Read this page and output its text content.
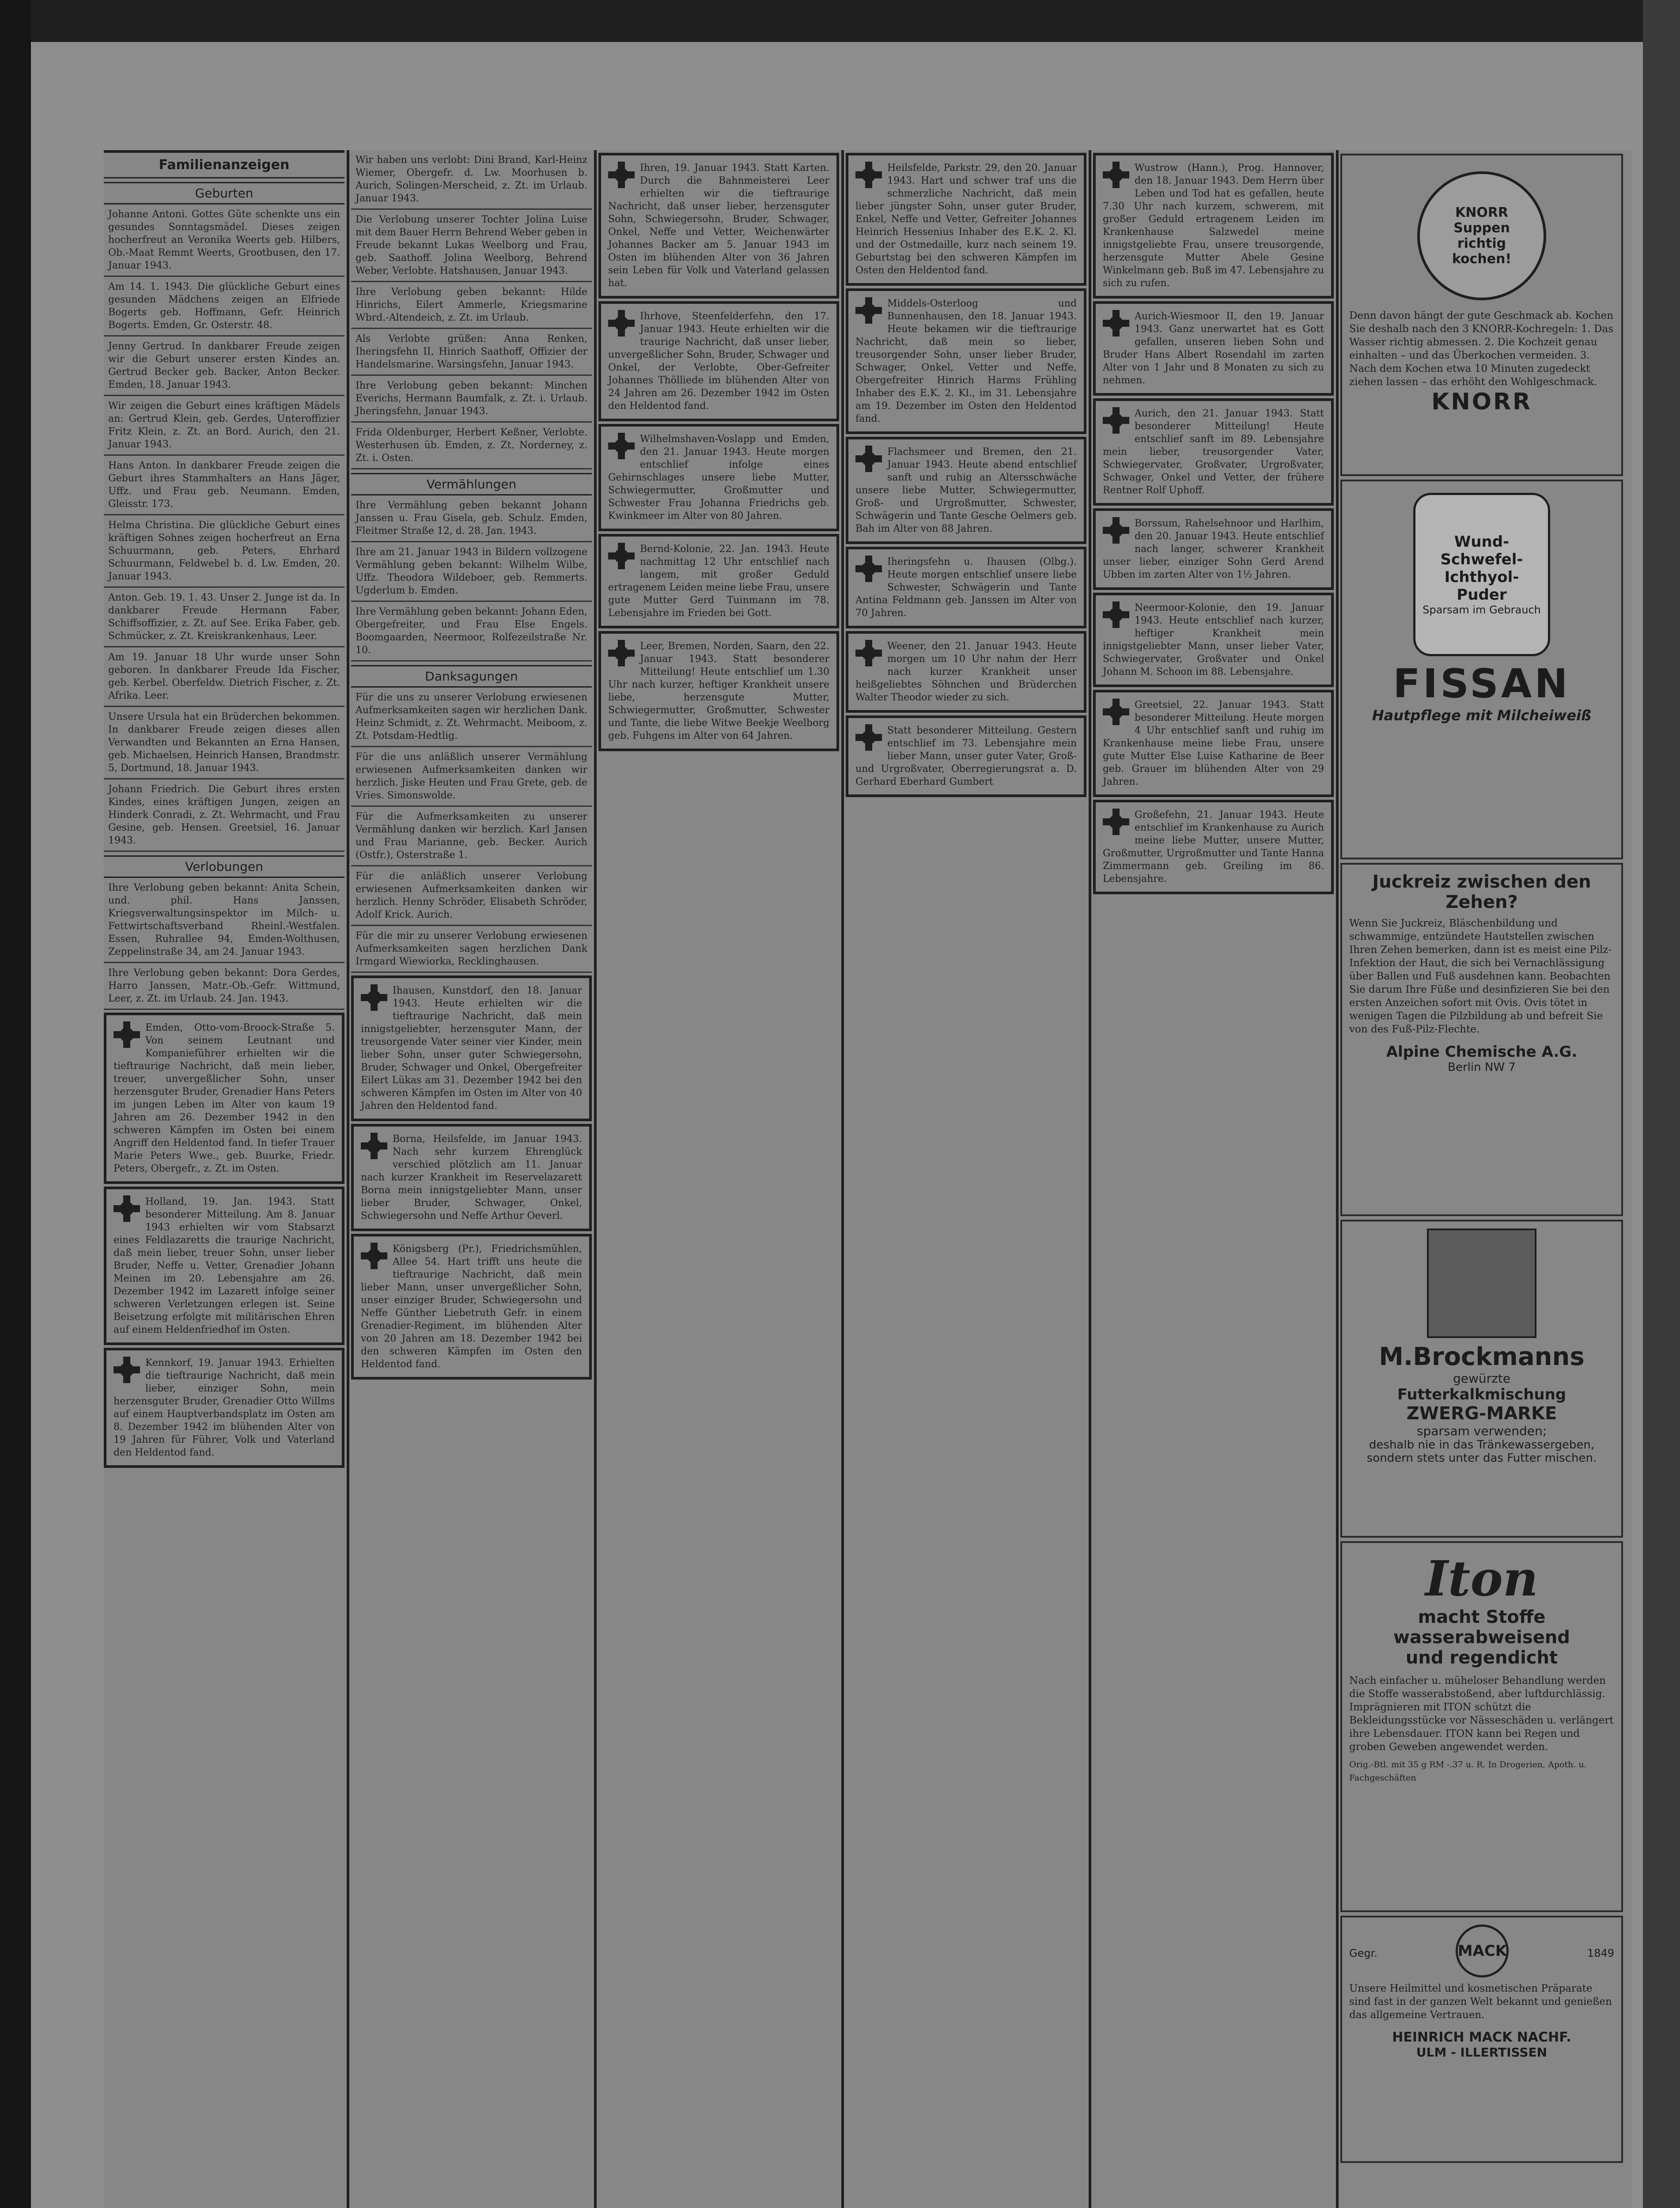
Familienanzeigen
Geburten
Johanne Antoni. Gottes Güte schenkte uns ein gesundes Sonntagsmädel. Dieses zeigen hocherfreut an Veronika Weerts geb. Hilbers, Ob.-Maat Remmt Weerts, Grootbusen, den 17. Januar 1943.
Am 14. 1. 1943. Die glückliche Geburt eines gesunden Mädchens zeigen an Elfriede Bogerts geb. Hoffmann, Gefr. Heinrich Bogerts. Emden, Gr. Osterstr. 48.
Jenny Gertrud. In dankbarer Freude zeigen wir die Geburt unserer ersten Kindes an. Gertrud Becker geb. Backer, Anton Becker. Emden, 18. Januar 1943.
Wir zeigen die Geburt eines kräftigen Mädels an: Gertrud Klein, geb. Gerdes, Unteroffizier Fritz Klein, z. Zt. an Bord. Aurich, den 21. Januar 1943.
Hans Anton. In dankbarer Freude zeigen die Geburt ihres Stammhalters an Hans Jäger, Uffz. und Frau geb. Neumann. Emden, Gleisstr. 173.
Helma Christina. Die glückliche Geburt eines kräftigen Sohnes zeigen hocherfreut an Erna Schuurmann, geb. Peters, Ehrhard Schuurmann, Feldwebel b. d. Lw. Emden, 20. Januar 1943.
Anton. Geb. 19. 1. 43. Unser 2. Junge ist da. In dankbarer Freude Hermann Faber, Schiffsoffizier, z. Zt. auf See. Erika Faber, geb. Schmücker, z. Zt. Kreiskrankenhaus, Leer.
Am 19. Januar 18 Uhr wurde unser Sohn geboren. In dankbarer Freude Ida Fischer, geb. Kerbel. Oberfeldw. Dietrich Fischer, z. Zt. Afrika. Leer.
Unsere Ursula hat ein Brüderchen bekommen. In dankbarer Freude zeigen dieses allen Verwandten und Bekannten an Erna Hansen, geb. Michaelsen, Heinrich Hansen, Brandmstr. 5, Dortmund, 18. Januar 1943.
Johann Friedrich. Die Geburt ihres ersten Kindes, eines kräftigen Jungen, zeigen an Hinderk Conradi, z. Zt. Wehrmacht, und Frau Gesine, geb. Hensen. Greetsiel, 16. Januar 1943.
Verlobungen
Ihre Verlobung geben bekannt: Anita Schein, und. phil. Hans Janssen, Kriegsverwaltungsinspektor im Milch- u. Fettwirtschaftsverband Rheinl.-Westfalen. Essen, Ruhrallee 94, Emden-Wolthusen, Zeppelinstraße 34, am 24. Januar 1943.
Ihre Verlobung geben bekannt: Dora Gerdes, Harro Janssen, Matr.-Ob.-Gefr. Wittmund, Leer, z. Zt. im Urlaub. 24. Jan. 1943.
Emden, Otto-vom-Broock-Straße 5. Von seinem Leutnant und Kompanieführer erhielten wir die tieftraurige Nachricht, daß mein lieber, treuer, unvergeßlicher Sohn, unser herzensguter Bruder, Grenadier Hans Peters im jungen Leben im Alter von kaum 19 Jahren am 26. Dezember 1942 in den schweren Kämpfen im Osten bei einem Angriff den Heldentod fand. In tiefer Trauer Marie Peters Wwe., geb. Buurke, Friedr. Peters, Obergefr., z. Zt. im Osten.
Holland, 19. Jan. 1943. Statt besonderer Mitteilung. Am 8. Januar 1943 erhielten wir vom Stabsarzt eines Feldlazaretts die traurige Nachricht, daß mein lieber, treuer Sohn, unser lieber Bruder, Neffe u. Vetter, Grenadier Johann Meinen im 20. Lebensjahre am 26. Dezember 1942 im Lazarett infolge seiner schweren Verletzungen erlegen ist. Seine Beisetzung erfolgte mit militärischen Ehren auf einem Heldenfriedhof im Osten.
Kennkorf, 19. Januar 1943. Erhielten die tieftraurige Nachricht, daß mein lieber, einziger Sohn, mein herzensguter Bruder, Grenadier Otto Willms auf einem Hauptverbandsplatz im Osten am 8. Dezember 1942 im blühenden Alter von 19 Jahren für Führer, Volk und Vaterland den Heldentod fand.
Wir haben uns verlobt: Dini Brand, Karl-Heinz Wiemer, Obergefr. d. Lw. Moorhusen b. Aurich, Solingen-Merscheid, z. Zt. im Urlaub. Januar 1943.
Die Verlobung unserer Tochter Jolina Luise mit dem Bauer Herrn Behrend Weber geben in Freude bekannt Lukas Weelborg und Frau, geb. Saathoff. Jolina Weelborg, Behrend Weber, Verlobte. Hatshausen, Januar 1943.
Ihre Verlobung geben bekannt: Hilde Hinrichs, Eilert Ammerle, Kriegsmarine Wbrd.-Altendeich, z. Zt. im Urlaub.
Als Verlobte grüßen: Anna Renken, Iheringsfehn II, Hinrich Saathoff, Offizier der Handelsmarine. Warsingsfehn, Januar 1943.
Ihre Verlobung geben bekannt: Minchen Everichs, Hermann Baumfalk, z. Zt. i. Urlaub. Jheringsfehn, Januar 1943.
Frida Oldenburger, Herbert Keßner, Verlobte. Westerhusen üb. Emden, z. Zt. Norderney, z. Zt. i. Osten.
Vermählungen
Ihre Vermählung geben bekannt Johann Janssen u. Frau Gisela, geb. Schulz. Emden, Fleitmer Straße 12, d. 28. Jan. 1943.
Ihre am 21. Januar 1943 in Bildern vollzogene Vermählung geben bekannt: Wilhelm Wilbe, Uffz. Theodora Wildeboer, geb. Remmerts. Ugderlum b. Emden.
Ihre Vermählung geben bekannt: Johann Eden, Obergefreiter, und Frau Else Engels. Boomgaarden, Neermoor, Rolfezeilstraße Nr. 10.
Danksagungen
Für die uns zu unserer Verlobung erwiesenen Aufmerksamkeiten sagen wir herzlichen Dank. Heinz Schmidt, z. Zt. Wehrmacht. Meiboom, z. Zt. Potsdam-Hedtlig.
Für die uns anläßlich unserer Vermählung erwiesenen Aufmerksamkeiten danken wir herzlich. Jiske Heuten und Frau Grete, geb. de Vries. Simonswolde.
Für die Aufmerksamkeiten zu unserer Vermählung danken wir herzlich. Karl Jansen und Frau Marianne, geb. Becker. Aurich (Ostfr.), Osterstraße 1.
Für die anläßlich unserer Verlobung erwiesenen Aufmerksamkeiten danken wir herzlich. Henny Schröder, Elisabeth Schröder, Adolf Krick. Aurich.
Für die mir zu unserer Verlobung erwiesenen Aufmerksamkeiten sagen herzlichen Dank Irmgard Wiewiorka, Recklinghausen.
Ihausen, Kunstdorf, den 18. Januar 1943. Heute erhielten wir die tieftraurige Nachricht, daß mein innigstgeliebter, herzensguter Mann, der treusorgende Vater seiner vier Kinder, mein lieber Sohn, unser guter Schwiegersohn, Bruder, Schwager und Onkel, Obergefreiter Eilert Lükas am 31. Dezember 1942 bei den schweren Kämpfen im Osten im Alter von 40 Jahren den Heldentod fand.
Borna, Heilsfelde, im Januar 1943. Nach sehr kurzem Ehrenglück verschied plötzlich am 11. Januar nach kurzer Krankheit im Reservelazarett Borna mein innigstgeliebter Mann, unser lieber Bruder, Schwager, Onkel, Schwiegersohn und Neffe Arthur Oeverl.
Königsberg (Pr.), Friedrichsmühlen, Allee 54. Hart trifft uns heute die tieftraurige Nachricht, daß mein lieber Mann, unser unvergeßlicher Sohn, unser einziger Bruder, Schwiegersohn und Neffe Günther Liebetruth Gefr. in einem Grenadier-Regiment, im blühenden Alter von 20 Jahren am 18. Dezember 1942 bei den schweren Kämpfen im Osten den Heldentod fand.
Ihren, 19. Januar 1943. Statt Karten. Durch die Bahnmeisterei Leer erhielten wir die tieftraurige Nachricht, daß unser lieber, herzensguter Sohn, Schwiegersohn, Bruder, Schwager, Onkel, Neffe und Vetter, Weichenwärter Johannes Backer am 5. Januar 1943 im Osten im blühenden Alter von 36 Jahren sein Leben für Volk und Vaterland gelassen hat.
Ihrhove, Steenfelderfehn, den 17. Januar 1943. Heute erhielten wir die traurige Nachricht, daß unser lieber, unvergeßlicher Sohn, Bruder, Schwager und Onkel, der Verlobte, Ober-Gefreiter Johannes Thölliede im blühenden Alter von 24 Jahren am 26. Dezember 1942 im Osten den Heldentod fand.
Wilhelmshaven-Voslapp und Emden, den 21. Januar 1943. Heute morgen entschlief infolge eines Gehirnschlages unsere liebe Mutter, Schwiegermutter, Großmutter und Schwester Frau Johanna Friedrichs geb. Kwinkmeer im Alter von 80 Jahren.
Bernd-Kolonie, 22. Jan. 1943. Heute nachmittag 12 Uhr entschlief nach langem, mit großer Geduld ertragenem Leiden meine liebe Frau, unsere gute Mutter Gerd Tuinmann im 78. Lebensjahre im Frieden bei Gott.
Leer, Bremen, Norden, Saarn, den 22. Januar 1943. Statt besonderer Mitteilung! Heute entschlief um 1.30 Uhr nach kurzer, heftiger Krankheit unsere liebe, herzensgute Mutter, Schwiegermutter, Großmutter, Schwester und Tante, die liebe Witwe Beekje Weelborg geb. Fuhgens im Alter von 64 Jahren.
Heilsfelde, Parkstr. 29, den 20. Januar 1943. Hart und schwer traf uns die schmerzliche Nachricht, daß mein lieber jüngster Sohn, unser guter Bruder, Enkel, Neffe und Vetter, Gefreiter Johannes Heinrich Hessenius Inhaber des E.K. 2. Kl. und der Ostmedaille, kurz nach seinem 19. Geburtstag bei den schweren Kämpfen im Osten den Heldentod fand.
Middels-Osterloog und Bunnenhausen, den 18. Januar 1943. Heute bekamen wir die tieftraurige Nachricht, daß mein so lieber, treusorgender Sohn, unser lieber Bruder, Schwager, Onkel, Vetter und Neffe, Obergefreiter Hinrich Harms Frühling Inhaber des E.K. 2. Kl., im 31. Lebensjahre am 19. Dezember im Osten den Heldentod fand.
Flachsmeer und Bremen, den 21. Januar 1943. Heute abend entschlief sanft und ruhig an Altersschwäche unsere liebe Mutter, Schwiegermutter, Groß- und Urgroßmutter, Schwester, Schwägerin und Tante Gesche Oelmers geb. Bah im Alter von 88 Jahren.
Iheringsfehn u. Ihausen (Olbg.). Heute morgen entschlief unsere liebe Schwester, Schwägerin und Tante Antina Feldmann geb. Janssen im Alter von 70 Jahren.
Weener, den 21. Januar 1943. Heute morgen um 10 Uhr nahm der Herr nach kurzer Krankheit unser heißgeliebtes Söhnchen und Brüderchen Walter Theodor wieder zu sich.
Statt besonderer Mitteilung. Gestern entschlief im 73. Lebensjahre mein lieber Mann, unser guter Vater, Groß- und Urgroßvater, Oberregierungsrat a. D. Gerhard Eberhard Gumbert
Wustrow (Hann.), Prog. Hannover, den 18. Januar 1943. Dem Herrn über Leben und Tod hat es gefallen, heute 7.30 Uhr nach kurzem, schwerem, mit großer Geduld ertragenem Leiden im Krankenhause Salzwedel meine innigstgeliebte Frau, unsere treusorgende, herzensgute Mutter Abele Gesine Winkelmann geb. Buß im 47. Lebensjahre zu sich zu rufen.
Aurich-Wiesmoor II, den 19. Januar 1943. Ganz unerwartet hat es Gott gefallen, unseren lieben Sohn und Bruder Hans Albert Rosendahl im zarten Alter von 1 Jahr und 8 Monaten zu sich zu nehmen.
Aurich, den 21. Januar 1943. Statt besonderer Mitteilung! Heute entschlief sanft im 89. Lebensjahre mein lieber, treusorgender Vater, Schwiegervater, Großvater, Urgroßvater, Schwager, Onkel und Vetter, der frühere Rentner Rolf Uphoff.
Borssum, Rahelsehnoor und Harlhim, den 20. Januar 1943. Heute entschlief nach langer, schwerer Krankheit unser lieber, einziger Sohn Gerd Arend Ubben im zarten Alter von 1½ Jahren.
Neermoor-Kolonie, den 19. Januar 1943. Heute entschlief nach kurzer, heftiger Krankheit mein innigstgeliebter Mann, unser lieber Vater, Schwiegervater, Großvater und Onkel Johann M. Schoon im 88. Lebensjahre.
Greetsiel, 22. Januar 1943. Statt besonderer Mitteilung. Heute morgen 4 Uhr entschlief sanft und ruhig im Krankenhause meine liebe Frau, unsere gute Mutter Else Luise Katharine de Beer geb. Grauer im blühenden Alter von 29 Jahren.
Großefehn, 21. Januar 1943. Heute entschlief im Krankenhause zu Aurich meine liebe Mutter, unsere Mutter, Großmutter, Urgroßmutter und Tante Hanna Zimmermann geb. Greiling im 86. Lebensjahre.
KNORR
Suppen
richtig
kochen!
Denn davon hängt der gute Geschmack ab. Kochen Sie deshalb nach den 3 KNORR-Kochregeln: 1. Das Wasser richtig abmessen. 2. Die Kochzeit genau einhalten – und das Überkochen vermeiden. 3. Nach dem Kochen etwa 10 Minuten zugedeckt ziehen lassen – das erhöht den Wohlgeschmack.
KNORR
Wund-
Schwefel-
Ichthyol-
Puder
Sparsam im Gebrauch
FISSAN
Hautpflege mit Milcheiweiß
Juckreiz zwischen den Zehen?
Wenn Sie Juckreiz, Bläschenbildung und schwammige, entzündete Hautstellen zwischen Ihren Zehen bemerken, dann ist es meist eine Pilz-Infektion der Haut, die sich bei Vernachlässigung über Ballen und Fuß ausdehnen kann. Beobachten Sie darum Ihre Füße und desinfizieren Sie bei den ersten Anzeichen sofort mit Ovis. Ovis tötet in wenigen Tagen die Pilzbildung ab und befreit Sie von des Fuß-Pilz-Flechte.
Alpine Chemische A.G.
Berlin NW 7
M.Brockmanns
gewürzte
Futterkalkmischung
ZWERG-MARKE
sparsam verwenden;
deshalb nie in das Tränkewassergeben, sondern stets unter das Futter mischen.
Iton
macht Stoffe
wasserabweisend
und regendicht
Nach einfacher u. müheloser Behandlung werden die Stoffe wasserabstoßend, aber luftdurchlässig. Imprägnieren mit ITON schützt die Bekleidungsstücke vor Nässeschäden u. verlängert ihre Lebensdauer. ITON kann bei Regen und groben Geweben angewendet werden.
Orig.-Btl. mit 35 g RM -.37 u. R. In Drogerien, Apoth. u. Fachgeschäften
Gegr.	MACK	1849
Unsere Heilmittel und kosmetischen Präparate sind fast in der ganzen Welt bekannt und genießen das allgemeine Vertrauen.
HEINRICH MACK NACHF.
ULM - ILLERTISSEN
